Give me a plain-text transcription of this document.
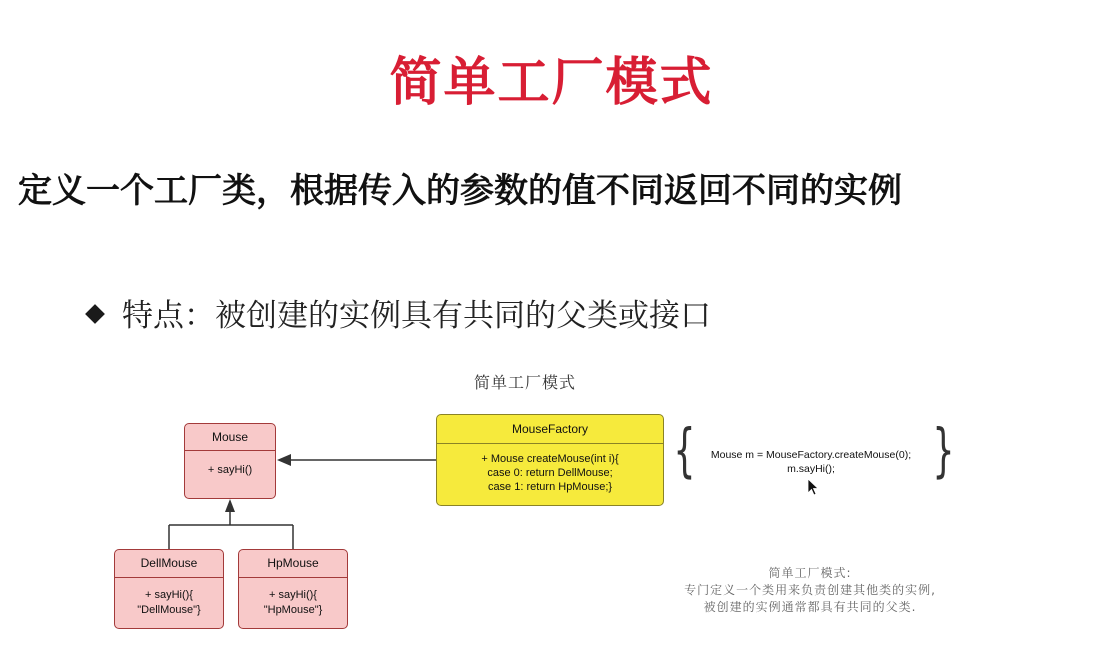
简单工厂模式
定义一个工厂类，根据传入的参数的值不同返回不同的实例
特点：被创建的实例具有共同的父类或接口
简单工厂模式
Mouse
+ sayHi()
DellMouse
+ sayHi(){
"DellMouse"}
HpMouse
+ sayHi(){
"HpMouse"}
MouseFactory
+ Mouse createMouse(int i){
case 0: return DellMouse;
case 1: return HpMouse;}
{	Mouse m = MouseFactory.createMouse(0);
m.sayHi();	}
简单工厂模式:
专门定义一个类用来负责创建其他类的实例,
被创建的实例通常都具有共同的父类.
